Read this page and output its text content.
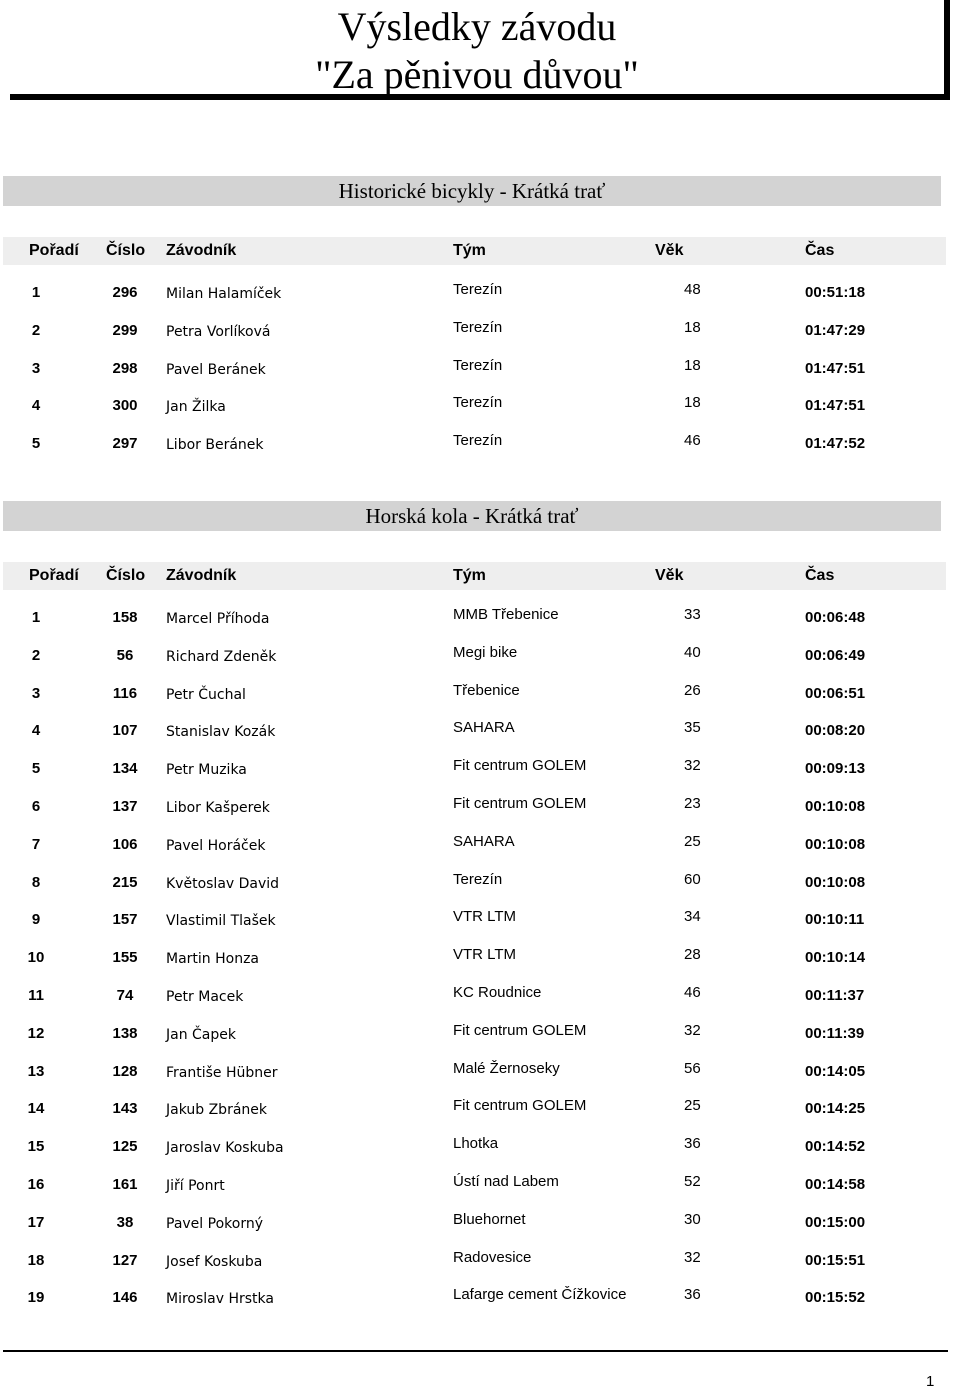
Výsledky závodu
"Za pěnivou důvou"
Historické bicykly - Krátká trať
Pořadí Číslo Závodník	Tým	Věk	Čas
1	296	Milan Halamíček	Terezín	48	00:51:18
2	299	Petra Vorlíková	Terezín	18	01:47:29
3	298	Pavel Beránek	Terezín	18	01:47:51
4	300	Jan Žilka	Terezín	18	01:47:51
5	297	Libor Beránek	Terezín	46	01:47:52
Horská kola - Krátká trať
Pořadí Číslo Závodník	Tým	Věk	Čas
1	158	Marcel Příhoda	MMB Třebenice	33	00:06:48
2	56	Richard Zdeněk	Megi bike	40	00:06:49
3	116	Petr Čuchal	Třebenice	26	00:06:51
4	107	Stanislav Kozák	SAHARA	35	00:08:20
5	134	Petr Muzika	Fit centrum GOLEM	32	00:09:13
6	137	Libor Kašperek	Fit centrum GOLEM	23	00:10:08
7	106	Pavel Horáček	SAHARA	25	00:10:08
8	215	Květoslav David	Terezín	60	00:10:08
9	157	Vlastimil Tlašek	VTR LTM	34	00:10:11
10	155	Martin Honza	VTR LTM	28	00:10:14
11	74	Petr Macek	KC Roudnice	46	00:11:37
12	138	Jan Čapek	Fit centrum GOLEM	32	00:11:39
13	128	Františe Hübner	Malé Žernoseky	56	00:14:05
14	143	Jakub Zbránek	Fit centrum GOLEM	25	00:14:25
15	125	Jaroslav Koskuba	Lhotka	36	00:14:52
16	161	Jiří Ponrt	Ústí nad Labem	52	00:14:58
17	38	Pavel Pokorný	Bluehornet	30	00:15:00
18	127	Josef Koskuba	Radovesice	32	00:15:51
19	146	Miroslav Hrstka	Lafarge cement Čížkovice	36	00:15:52
1
